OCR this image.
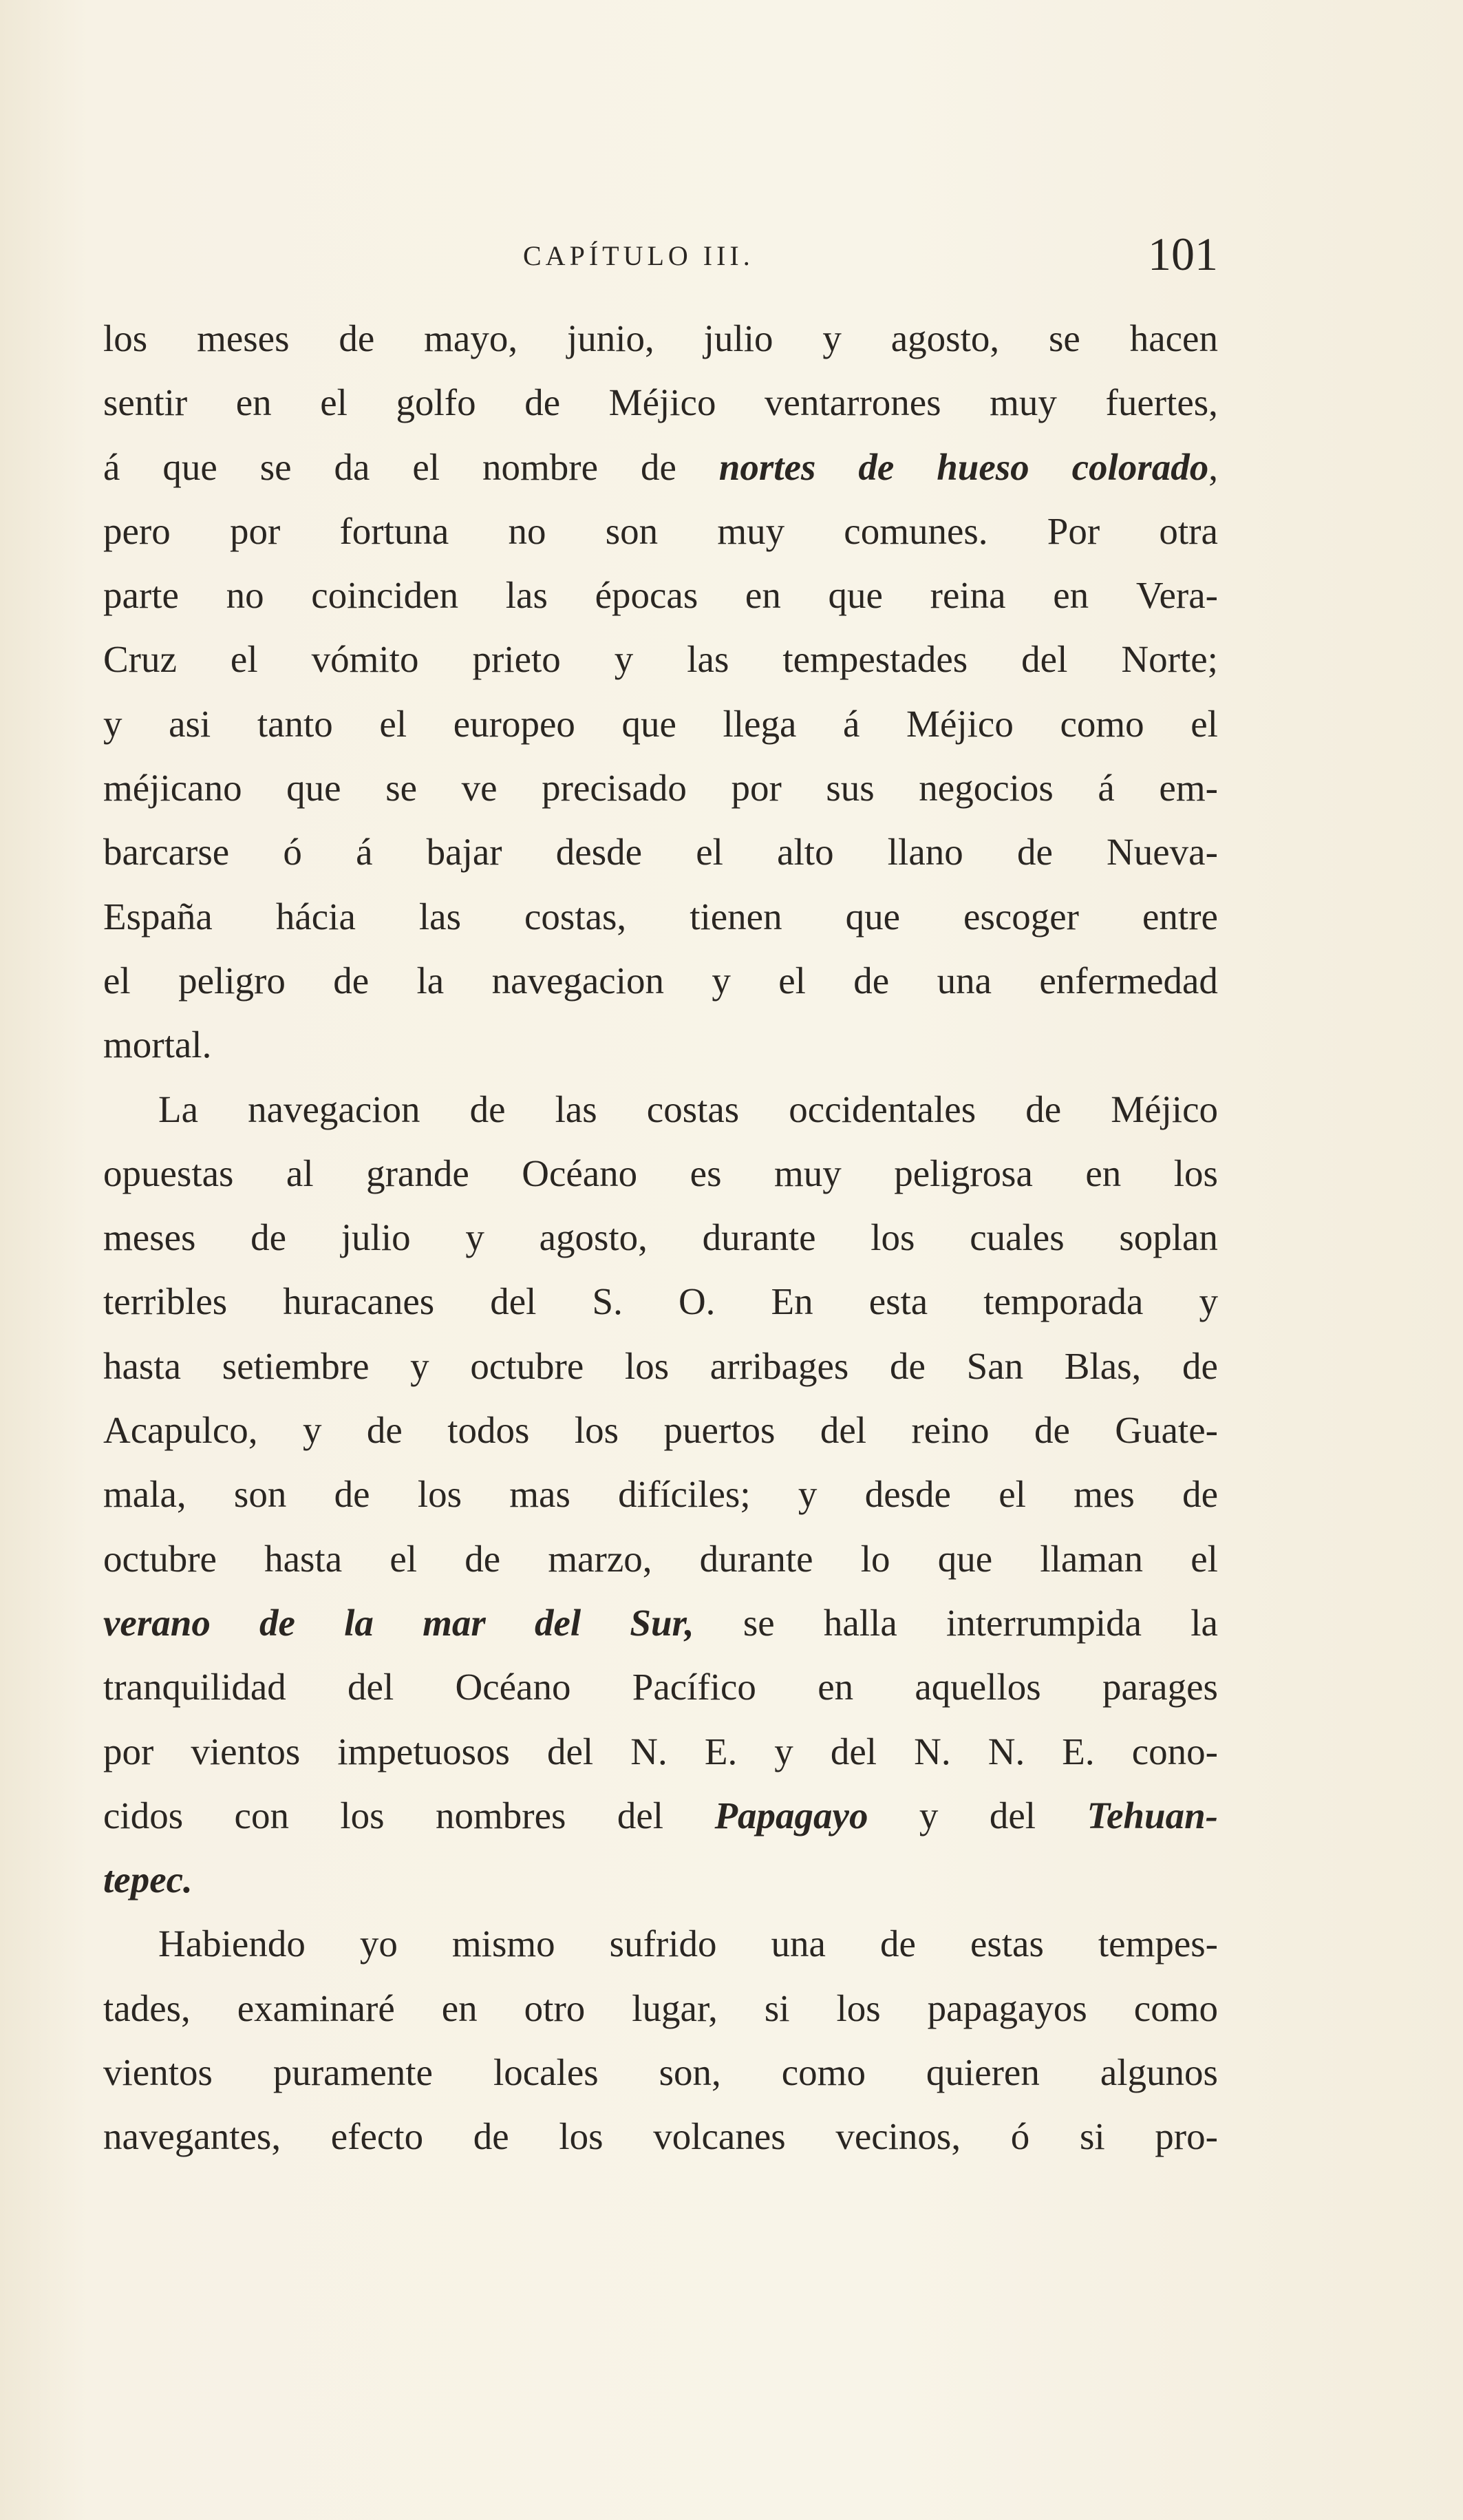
CAPÍTULO III.	101
los meses de mayo, junio, julio y agosto, se hacen
sentir en el golfo de Méjico ventarrones muy fuertes,
á que se da el nombre de nortes de hueso colorado,
pero por fortuna no son muy comunes. Por otra
parte no coinciden las épocas en que reina en Vera-
Cruz el vómito prieto y las tempestades del Norte;
y asi tanto el europeo que llega á Méjico como el
méjicano que se ve precisado por sus negocios á em-
barcarse ó á bajar desde el alto llano de Nueva-
España hácia las costas, tienen que escoger entre
el peligro de la navegacion y el de una enfermedad
mortal.
La navegacion de las costas occidentales de Méjico
opuestas al grande Océano es muy peligrosa en los
meses de julio y agosto, durante los cuales soplan
terribles huracanes del S. O. En esta temporada y
hasta setiembre y octubre los arribages de San Blas, de
Acapulco, y de todos los puertos del reino de Guate-
mala, son de los mas difíciles; y desde el mes de
octubre hasta el de marzo, durante lo que llaman el
verano de la mar del Sur, se halla interrumpida la
tranquilidad del Océano Pacífico en aquellos parages
por vientos impetuosos del N. E. y del N. N. E. cono-
cidos con los nombres del Papagayo y del Tehuan-
tepec.
Habiendo yo mismo sufrido una de estas tempes-
tades, examinaré en otro lugar, si los papagayos como
vientos puramente locales son, como quieren algunos
navegantes, efecto de los volcanes vecinos, ó si pro-
